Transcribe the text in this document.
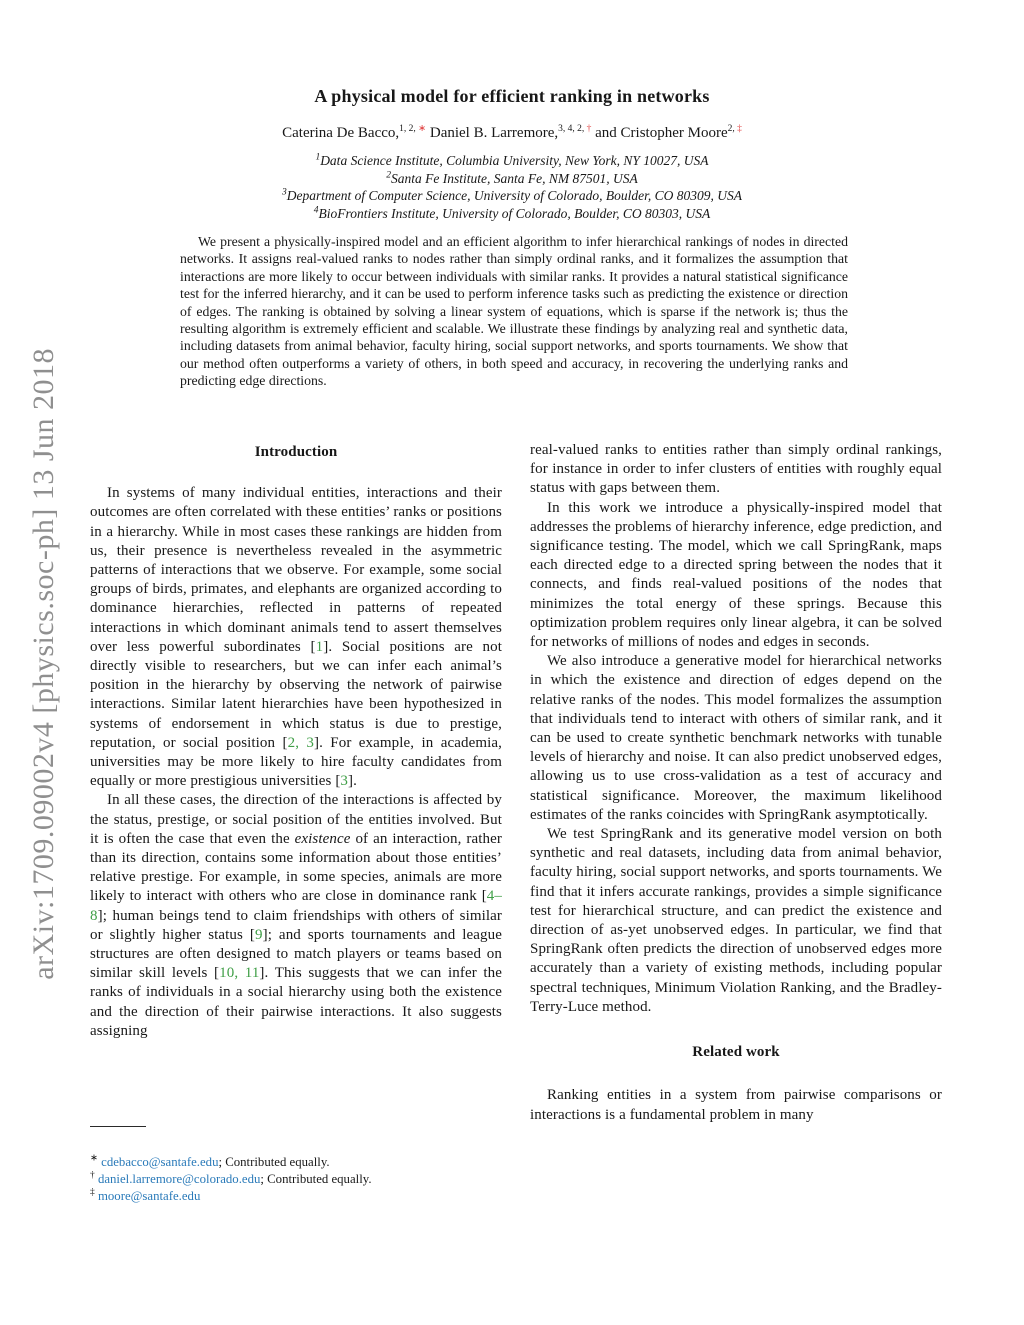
arXiv:1709.09002v4 [physics.soc-ph] 13 Jun 2018
A physical model for efficient ranking in networks
Caterina De Bacco,$^{1, 2,}$ ∗ Daniel B. Larremore,$^{3, 4, 2,}$ † and Cristopher Moore$^{2,}$ ‡
$^1$Data Science Institute, Columbia University, New York, NY 10027, USA
$^2$Santa Fe Institute, Santa Fe, NM 87501, USA
$^3$Department of Computer Science, University of Colorado, Boulder, CO 80309, USA
$^4$BioFrontiers Institute, University of Colorado, Boulder, CO 80303, USA

We present a physically-inspired model and an efficient algorithm to infer hierarchical rankings of nodes in directed networks. It assigns real-valued ranks to nodes rather than simply ordinal ranks, and it formalizes the assumption that interactions are more likely to occur between individuals with similar ranks. It provides a natural statistical significance test for the inferred hierarchy, and it can be used to perform inference tasks such as predicting the existence or direction of edges. The ranking is obtained by solving a linear system of equations, which is sparse if the network is; thus the resulting algorithm is extremely efficient and scalable. We illustrate these findings by analyzing real and synthetic data, including datasets from animal behavior, faculty hiring, social support networks, and sports tournaments. We show that our method often outperforms a variety of others, in both speed and accuracy, in recovering the underlying ranks and predicting edge directions.

Introduction

In systems of many individual entities, interactions and their outcomes are often correlated with these entities’ ranks or positions in a hierarchy. While in most cases these rankings are hidden from us, their presence is nevertheless revealed in the asymmetric patterns of interactions that we observe. For example, some social groups of birds, primates, and elephants are organized according to dominance hierarchies, reflected in patterns of repeated interactions in which dominant animals tend to assert themselves over less powerful subordinates [1]. Social positions are not directly visible to researchers, but we can infer each animal’s position in the hierarchy by observing the network of pairwise interactions. Similar latent hierarchies have been hypothesized in systems of endorsement in which status is due to prestige, reputation, or social position [2, 3]. For example, in academia, universities may be more likely to hire faculty candidates from equally or more prestigious universities [3].

In all these cases, the direction of the interactions is affected by the status, prestige, or social position of the entities involved. But it is often the case that even the existence of an interaction, rather than its direction, contains some information about those entities’ relative prestige. For example, in some species, animals are more likely to interact with others who are close in dominance rank [4–8]; human beings tend to claim friendships with others of similar or slightly higher status [9]; and sports tournaments and league structures are often designed to match players or teams based on similar skill levels [10, 11]. This suggests that we can infer the ranks of individuals in a social hierarchy using both the existence and the direction of their pairwise interactions. It also suggests assigning

real-valued ranks to entities rather than simply ordinal rankings, for instance in order to infer clusters of entities with roughly equal status with gaps between them.

In this work we introduce a physically-inspired model that addresses the problems of hierarchy inference, edge prediction, and significance testing. The model, which we call SpringRank, maps each directed edge to a directed spring between the nodes that it connects, and finds real-valued positions of the nodes that minimizes the total energy of these springs. Because this optimization problem requires only linear algebra, it can be solved for networks of millions of nodes and edges in seconds.

We also introduce a generative model for hierarchical networks in which the existence and direction of edges depend on the relative ranks of the nodes. This model formalizes the assumption that individuals tend to interact with others of similar rank, and it can be used to create synthetic benchmark networks with tunable levels of hierarchy and noise. It can also predict unobserved edges, allowing us to use cross-validation as a test of accuracy and statistical significance. Moreover, the maximum likelihood estimates of the ranks coincides with SpringRank asymptotically.

We test SpringRank and its generative model version on both synthetic and real datasets, including data from animal behavior, faculty hiring, social support networks, and sports tournaments. We find that it infers accurate rankings, provides a simple significance test for hierarchical structure, and can predict the existence and direction of as-yet unobserved edges. In particular, we find that SpringRank often predicts the direction of unobserved edges more accurately than a variety of existing methods, including popular spectral techniques, Minimum Violation Ranking, and the Bradley-Terry-Luce method.

Related work

Ranking entities in a system from pairwise comparisons or interactions is a fundamental problem in many

∗ cdebacco@santafe.edu; Contributed equally.
† daniel.larremore@colorado.edu; Contributed equally.
‡ moore@santafe.edu
